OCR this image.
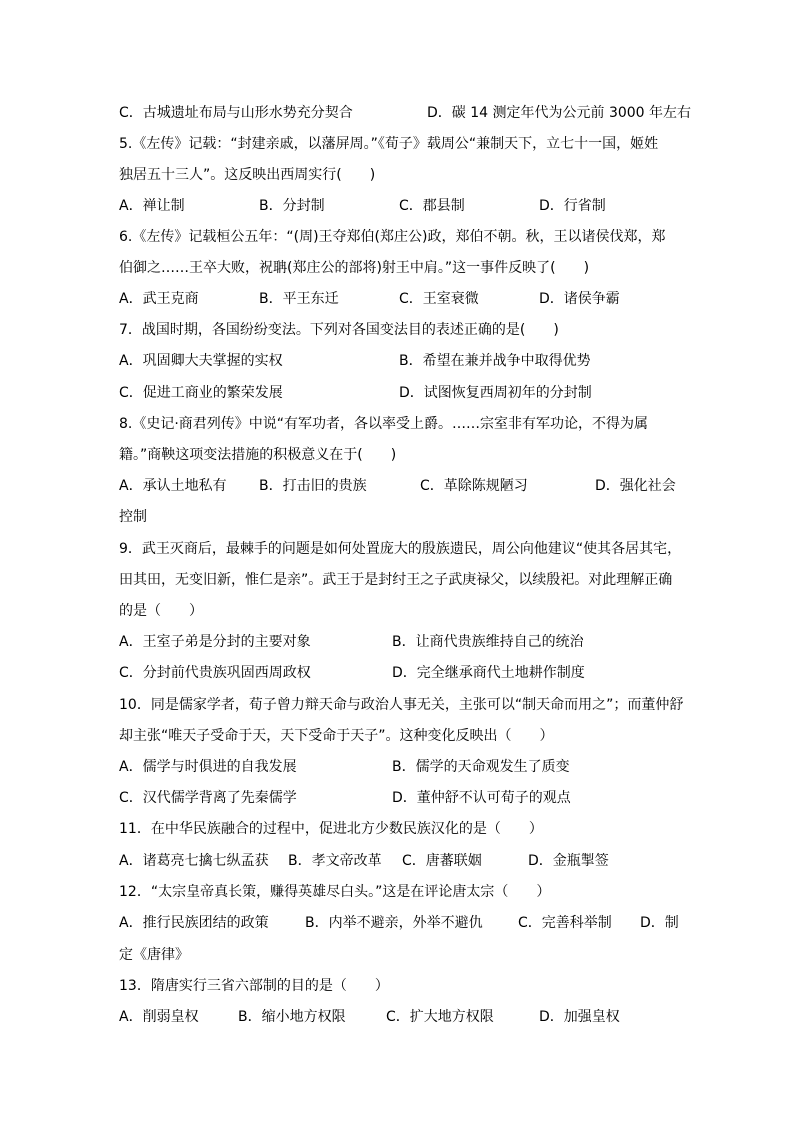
C．古城遗址布局与山形水势充分契合	D．碳 14 测定年代为公元前 3000 年左右
5.《左传》记载：“封建亲戚，以藩屏周。”《荀子》载周公“兼制天下，立七十一国，姬姓
独居五十三人”。这反映出西周实行(　　)
A．禅让制	B．分封制	C．郡县制	D．行省制
6.《左传》记载桓公五年：“(周)王夺郑伯(郑庄公)政，郑伯不朝。秋，王以诸侯伐郑，郑
伯御之……王卒大败，祝聃(郑庄公的部将)射王中肩。”这一事件反映了(　　)
A．武王克商	B．平王东迁	C．王室衰微	D．诸侯争霸
7．战国时期，各国纷纷变法。下列对各国变法目的表述正确的是(　　)
A．巩固卿大夫掌握的实权	B．希望在兼并战争中取得优势
C．促进工商业的繁荣发展	D．试图恢复西周初年的分封制
8.《史记·商君列传》中说“有军功者，各以率受上爵。……宗室非有军功论，不得为属
籍。”商鞅这项变法措施的积极意义在于(　　)
A．承认土地私有 B．打击旧的贵族	C．革除陈规陋习	D．强化社会
控制
9．武王灭商后，最棘手的问题是如何处置庞大的殷族遗民，周公向他建议“使其各居其宅，
田其田，无变旧新，惟仁是亲”。武王于是封纣王之子武庚禄父，以续殷祀。对此理解正确
的是（　　）
A．王室子弟是分封的主要对象	B．让商代贵族维持自己的统治
C．分封前代贵族巩固西周政权	D．完全继承商代土地耕作制度
10．同是儒家学者，荀子曾力辩天命与政治人事无关，主张可以“制天命而用之”；而董仲舒
却主张“唯天子受命于天，天下受命于天子”。这种变化反映出（　　）
A．儒学与时俱进的自我发展	B．儒学的天命观发生了质变
C．汉代儒学背离了先秦儒学	D．董仲舒不认可荀子的观点
11．在中华民族融合的过程中，促进北方少数民族汉化的是（　　）
A．诸葛亮七擒七纵孟获 B．孝文帝改革 C．唐蕃联姻	D．金瓶掣签
12．“太宗皇帝真长策，赚得英雄尽白头。”这是在评论唐太宗（　　）
A．推行民族团结的政策	B．内举不避亲，外举不避仇	C．完善科举制 D．制
定《唐律》
13．隋唐实行三省六部制的目的是（　　）
A．削弱皇权	B．缩小地方权限	C．扩大地方权限	D．加强皇权
